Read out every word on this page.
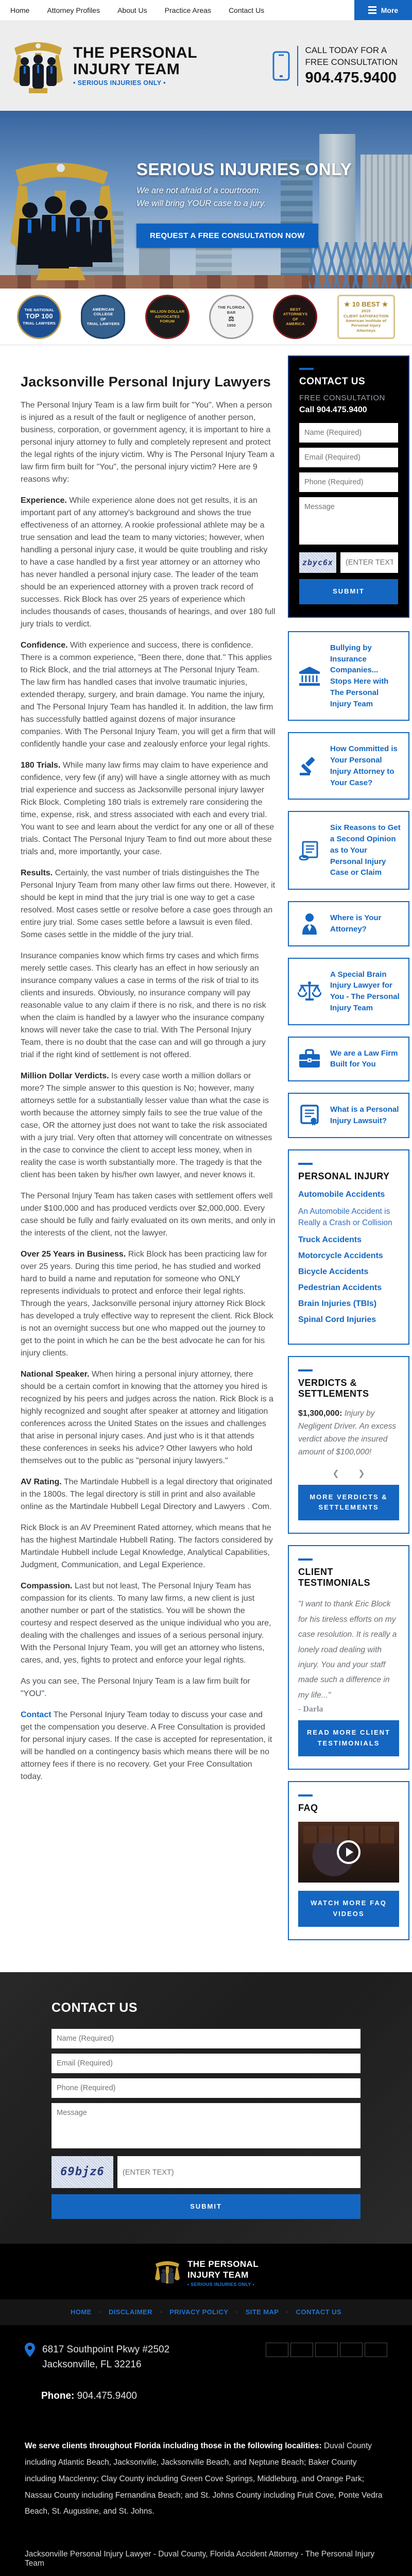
Home Attorney Profiles About Us Practice Areas Contact Us	More
THE PERSONAL
INJURY TEAM
• SERIOUS INJURIES ONLY •
CALL TODAY FOR A
FREE CONSULTATION
904.475.9400
SERIOUS INJURIES ONLY
We are not afraid of a courtroom.
We will bring YOUR case to a jury.
REQUEST A FREE CONSULTATION NOW
THE NATIONAL
TOP 100
TRIAL LAWYERS
AMERICAN COLLEGE
OF
TRIAL LAWYERS
MILLION DOLLAR
ADVOCATES
FORUM
THE FLORIDA BAR
⚖
1950
BEST ATTORNEYS
OF
AMERICA
★ 10 BEST ★
2015
CLIENT SATISFACTION
American Institute of
Personal Injury Attorneys
Jacksonville Personal Injury Lawyers

The Personal Injury Team is a law firm built for "You". When a person is injured as a result of the fault or negligence of another person, business, corporation, or government agency, it is important to hire a personal injury attorney to fully and completely represent and protect the legal rights of the injury victim. Why is The Personal Injury Team a law firm firm built for "You", the personal injury victim? Here are 9 reasons why:

Experience. While experience alone does not get results, it is an important part of any attorney's background and shows the true effectiveness of an attorney. A rookie professional athlete may be a true sensation and lead the team to many victories; however, when handling a personal injury case, it would be quite troubling and risky to have a case handled by a first year attorney or an attorney who has never handled a personal injury case. The leader of the team should be an experienced attorney with a proven track record of successes. Rick Block has over 25 years of experience which includes thousands of cases, thousands of hearings, and over 180 full jury trials to verdict.

Confidence. With experience and success, there is confidence. There is a common experience, "Been there, done that." This applies to Rick Block, and the trial attorneys at The Personal Injury Team. The law firm has handled cases that involve traumatic injuries, extended therapy, surgery, and brain damage. You name the injury, and The Personal Injury Team has handled it. In addition, the law firm has successfully battled against dozens of major insurance companies. With The Personal Injury Team, you will get a firm that will confidently handle your case and zealously enforce your legal rights.

180 Trials. While many law firms may claim to have experience and confidence, very few (if any) will have a single attorney with as much trial experience and success as Jacksonville personal injury lawyer Rick Block. Completing 180 trials is extremely rare considering the time, expense, risk, and stress associated with each and every trial. You want to see and learn about the verdict for any one or all of these trials. Contact The Personal Injury Team to find out more about these trials and, more importantly, your case.

Results. Certainly, the vast number of trials distinguishes the The Personal Injury Team from many other law firms out there. However, it should be kept in mind that the jury trial is one way to get a case resolved. Most cases settle or resolve before a case goes through an entire jury trial. Some cases settle before a lawsuit is even filed. Some cases settle in the middle of the jury trial.

Insurance companies know which firms try cases and which firms merely settle cases. This clearly has an effect in how seriously an insurance company values a case in terms of the risk of trial to its clients and insureds. Obviously, no insurance company will pay reasonable value to any claim if there is no risk, and there is no risk when the claim is handled by a lawyer who the insurance company knows will never take the case to trial. With The Personal Injury Team, there is no doubt that the case can and will go through a jury trial if the right kind of settlement is not offered.

Million Dollar Verdicts. Is every case worth a million dollars or more? The simple answer to this question is No; however, many attorneys settle for a substantially lesser value than what the case is worth because the attorney simply fails to see the true value of the case, OR the attorney just does not want to take the risk associated with a jury trial. Very often that attorney will concentrate on witnesses in the case to convince the client to accept less money, when in reality the case is worth substantially more. The tragedy is that the client has been taken by his/her own lawyer, and never knows it.

The Personal Injury Team has taken cases with settlement offers well under $100,000 and has produced verdicts over $2,000,000. Every case should be fully and fairly evaluated on its own merits, and only in the interests of the client, not the lawyer.

Over 25 Years in Business. Rick Block has been practicing law for over 25 years. During this time period, he has studied and worked hard to build a name and reputation for someone who ONLY represents individuals to protect and enforce their legal rights. Through the years, Jacksonville personal injury attorney Rick Block has developed a truly effective way to represent the client. Rick Block is not an overnight success but one who mapped out the journey to get to the point in which he can be the best advocate he can for his injury clients.

National Speaker. When hiring a personal injury attorney, there should be a certain comfort in knowing that the attorney you hired is recognized by his peers and judges across the nation. Rick Block is a highly recognized and sought after speaker at attorney and litigation conferences across the United States on the issues and challenges that arise in personal injury cases. And just who is it that attends these conferences in seeks his advice? Other lawyers who hold themselves out to the public as "personal injury lawyers."

AV Rating. The Martindale Hubbell is a legal directory that originated in the 1800s. The legal directory is still in print and also available online as the Martindale Hubbell Legal Directory and Lawyers . Com.

Rick Block is an AV Preeminent Rated attorney, which means that he has the highest Martindale Hubbell Rating. The factors considered by Martindale Hubbell include Legal Knowledge, Analytical Capabilities, Judgment, Communication, and Legal Experience.

Compassion. Last but not least, The Personal Injury Team has compassion for its clients. To many law firms, a new client is just another number or part of the statistics. You will be shown the courtesy and respect deserved as the unique individual who you are, dealing with the challenges and issues of a serious personal injury. With the Personal Injury Team, you will get an attorney who listens, cares, and, yes, fights to protect and enforce your legal rights.

As you can see, The Personal Injury Team is a law firm built for "YOU".

Contact The Personal Injury Team today to discuss your case and get the compensation you deserve. A Free Consultation is provided for personal injury cases. If the case is accepted for representation, it will be handled on a contingency basis which means there will be no attorney fees if there is no recovery. Get your Free Consultation today.

CONTACT US
FREE CONSULTATION
Call 904.475.9400
Name (Required) Email (Required) Phone (Required) Message
zbyc6x
(ENTER TEXT)
SUBMIT
Bullying by Insurance Companies... Stops Here with The Personal Injury Team
How Committed is Your Personal Injury Attorney to Your Case?
Six Reasons to Get a Second Opinion as to Your Personal Injury Case or Claim
Where is Your Attorney?
A Special Brain Injury Lawyer for You - The Personal Injury Team
We are a Law Firm Built for You
What is a Personal Injury Lawsuit?
PERSONAL INJURY
Automobile Accidents
An Automobile Accident is Really a Crash or Collision
Truck Accidents
Motorcycle Accidents
Bicycle Accidents
Pedestrian Accidents
Brain Injuries (TBIs)
Spinal Cord Injuries
VERDICTS & SETTLEMENTS

$1,300,000: Injury by Negligent Driver. An excess verdict above the insured amount of $100,000!

❮ ❯
MORE VERDICTS & SETTLEMENTS
CLIENT TESTIMONIALS

"I want to thank Eric Block for his tireless efforts on my case resolution. It is really a lonely road dealing with injury. You and your staff made such a difference in my life..."

- Darla
READ MORE CLIENT TESTIMONIALS
FAQ
WATCH MORE FAQ VIDEOS
CONTACT US
Name (Required) Email (Required) Phone (Required) Message
69bjz6
(ENTER TEXT)
SUBMIT
THE PERSONAL
INJURY TEAM
• SERIOUS INJURIES ONLY •
HOME · DISCLAIMER · PRIVACY POLICY · SITE MAP · CONTACT US
6817 Southpoint Pkwy #2502
Jacksonville, FL 32216
Phone: 904.475.9400

We serve clients throughout Florida including those in the following localities: Duval County including Atlantic Beach, Jacksonville, Jacksonville Beach, and Neptune Beach; Baker County including Macclenny; Clay County including Green Cove Springs, Middleburg, and Orange Park; Nassau County including Fernandina Beach; and St. Johns County including Fruit Cove, Ponte Vedra Beach, St. Augustine, and St. Johns.

Jacksonville Personal Injury Lawyer - Duval County, Florida Accident Attorney - The Personal Injury Team
